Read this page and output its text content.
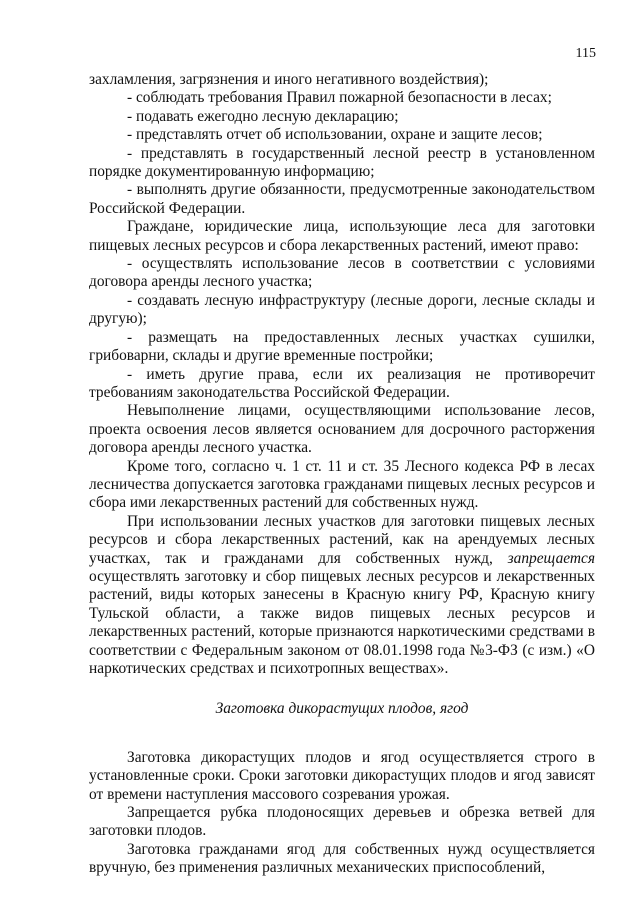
115

захламления, загрязнения и иного негативного воздействия);

- соблюдать требования Правил пожарной безопасности в лесах;

- подавать ежегодно лесную декларацию;

- представлять отчет об использовании, охране и защите лесов;

- представлять в государственный лесной реестр в установленном порядке документированную информацию;

- выполнять другие обязанности, предусмотренные законодательством Российской Федерации.

Граждане, юридические лица, использующие леса для заготовки пищевых лесных ресурсов и сбора лекарственных растений, имеют право:

- осуществлять использование лесов в соответствии с условиями договора аренды лесного участка;

- создавать лесную инфраструктуру (лесные дороги, лесные склады и другую);

- размещать на предоставленных лесных участках сушилки, грибоварни, склады и другие временные постройки;

- иметь другие права, если их реализация не противоречит требованиям законодательства Российской Федерации.

Невыполнение лицами, осуществляющими использование лесов, проекта освоения лесов является основанием для досрочного расторжения договора аренды лесного участка.

Кроме того, согласно ч. 1 ст. 11 и ст. 35 Лесного кодекса РФ в лесах лесничества допускается заготовка гражданами пищевых лесных ресурсов и сбора ими лекарственных растений для собственных нужд.

При использовании лесных участков для заготовки пищевых лесных ресурсов и сбора лекарственных растений, как на арендуемых лесных участках, так и гражданами для собственных нужд, запрещается осуществлять заготовку и сбор пищевых лесных ресурсов и лекарственных растений, виды которых занесены в Красную книгу РФ, Красную книгу Тульской области, а также видов пищевых лесных ресурсов и лекарственных растений, которые признаются наркотическими средствами в соответствии с Федеральным законом от 08.01.1998 года №3-ФЗ (с изм.) «О наркотических средствах и психотропных веществах».

Заготовка дикорастущих плодов, ягод

Заготовка дикорастущих плодов и ягод осуществляется строго в установленные сроки. Сроки заготовки дикорастущих плодов и ягод зависят от времени наступления массового созревания урожая.

Запрещается рубка плодоносящих деревьев и обрезка ветвей для заготовки плодов.

Заготовка гражданами ягод для собственных нужд осуществляется вручную, без применения различных механических приспособлений,
